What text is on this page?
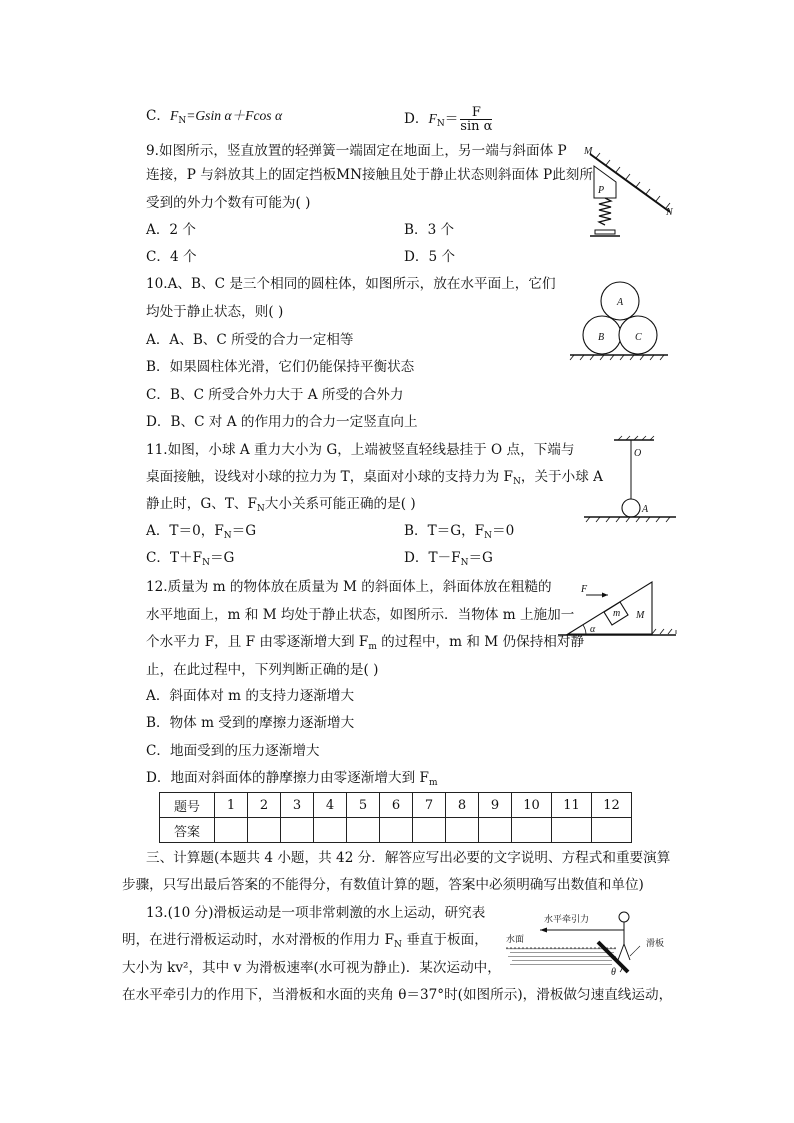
C．$F_N=Gsin$ α＋Fcos α	D．$F_N= \frac{F}{\text{sin α}}$
9.如图所示，竖直放置的轻弹簧一端固定在地面上，另一端与斜面体 P
连接，P 与斜放其上的固定挡板MN接触且处于静止状态则斜面体 P此刻所
受到的外力个数有可能为( )
A．2 个	B．3 个
C．4 个	D．5 个
M
P
N
10.A、B、C 是三个相同的圆柱体，如图所示，放在水平面上，它们
均处于静止状态，则( )
A．A、B、C 所受的合力一定相等
B．如果圆柱体光滑，它们仍能保持平衡状态
C．B、C 所受合外力大于 A 所受的合外力
D．B、C 对 A 的作用力的合力一定竖直向上
A
B	C
11.如图，小球 A 重力大小为 G，上端被竖直轻线悬挂于 O 点，下端与
桌面接触，设线对小球的拉力为 T，桌面对小球的支持力为 $F_N$，关于小球 A
静止时，G、T、$F_N$大小关系可能正确的是( )
A．T＝0，$F_N=G$	B．T＝G，$F_N=0$
C．$T+F_N=G$	D．$T-F_N=G$
O
A
12.质量为 m 的物体放在质量为 M 的斜面体上，斜面体放在粗糙的
水平地面上，m 和 M 均处于静止状态，如图所示．当物体 m 上施加一
个水平力 F，且 F 由零逐渐增大到 $F_m$ 的过程中，m 和 M 仍保持相对静
止，在此过程中，下列判断正确的是( )
A．斜面体对 m 的支持力逐渐增大
B．物体 m 受到的摩擦力逐渐增大
C．地面受到的压力逐渐增大
D．地面对斜面体的静摩擦力由零逐渐增大到 $F_m$
F
m M
α
题号	1	2	3	4	5	6	7	8	9	10	11	12
答案												
三、计算题(本题共 4 小题，共 42 分．解答应写出必要的文字说明、方程式和重要演算
步骤，只写出最后答案的不能得分，有数值计算的题，答案中必须明确写出数值和单位)
13.(10 分)滑板运动是一项非常刺激的水上运动，研究表
明，在进行滑板运动时，水对滑板的作用力 $F_N$ 垂直于板面，
大小为 kv²，其中 v 为滑板速率(水可视为静止)．某次运动中，
在水平牵引力的作用下，当滑板和水面的夹角 θ＝37°时(如图所示)，滑板做匀速直线运动，
水平牵引力
水面	滑板
θ
